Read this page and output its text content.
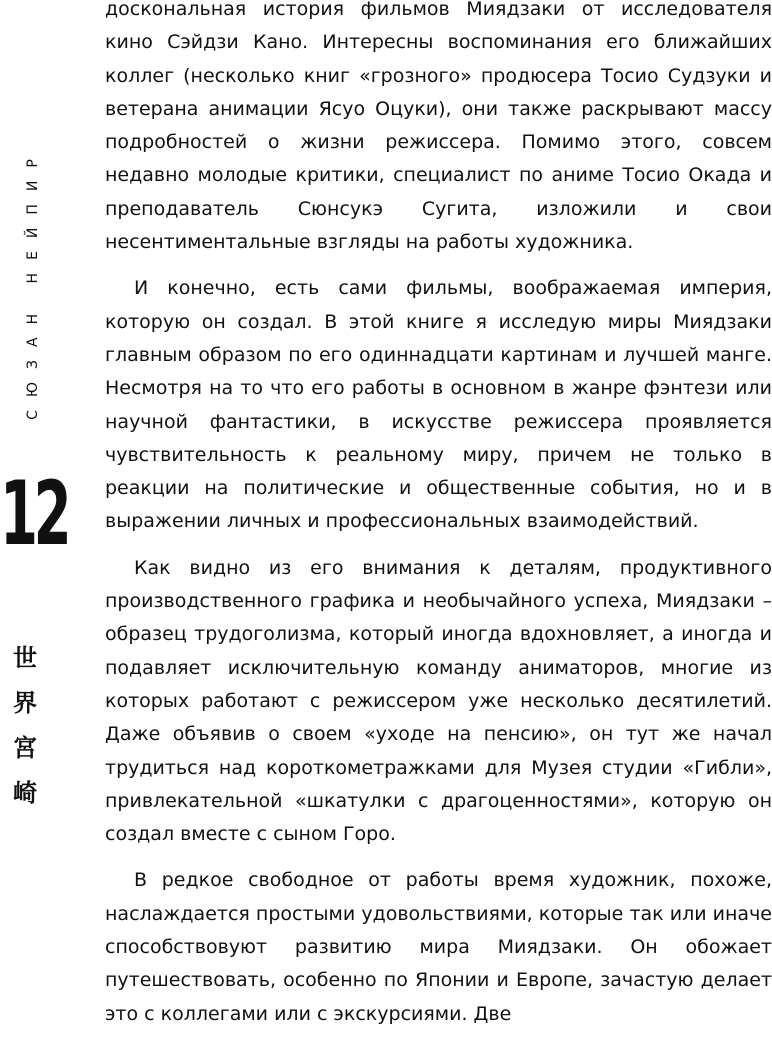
СЮЗАН НЕЙПИР
12
世
界
宮
崎

доскональная история фильмов Миядзаки от исследователя кино Сэйдзи Кано. Интересны воспоминания его ближайших коллег (несколько книг «грозного» продюсера Тосио Судзуки и ветерана анимации Ясуо Оцуки), они также раскрывают массу подробностей о жизни режиссера. Помимо этого, совсем недавно молодые критики, специалист по аниме Тосио Окада и преподаватель Сюнсукэ Сугита, изложили и свои несентиментальные взгляды на работы художника.

И конечно, есть сами фильмы, воображаемая империя, которую он создал. В этой книге я исследую миры Миядзаки главным образом по его одиннадцати картинам и лучшей манге. Несмотря на то что его работы в основном в жанре фэнтези или научной фантастики, в искусстве режиссера проявляется чувствительность к реальному миру, причем не только в реакции на политические и общественные события, но и в выражении личных и профессиональных взаимодействий.

Как видно из его внимания к деталям, продуктивного производственного графика и необычайного успеха, Миядзаки – образец трудоголизма, который иногда вдохновляет, а иногда и подавляет исключительную команду аниматоров, многие из которых работают с режиссером уже несколько десятилетий. Даже объявив о своем «уходе на пенсию», он тут же начал трудиться над короткометражками для Музея студии «Гибли», привлекательной «шкатулки с драгоценностями», которую он создал вместе с сыном Горо.

В редкое свободное от работы время художник, похоже, наслаждается простыми удовольствиями, которые так или иначе способствовуют развитию мира Миядзаки. Он обожает путешествовать, особенно по Японии и Европе, зачастую делает это с коллегами или с экскурсиями. Две
